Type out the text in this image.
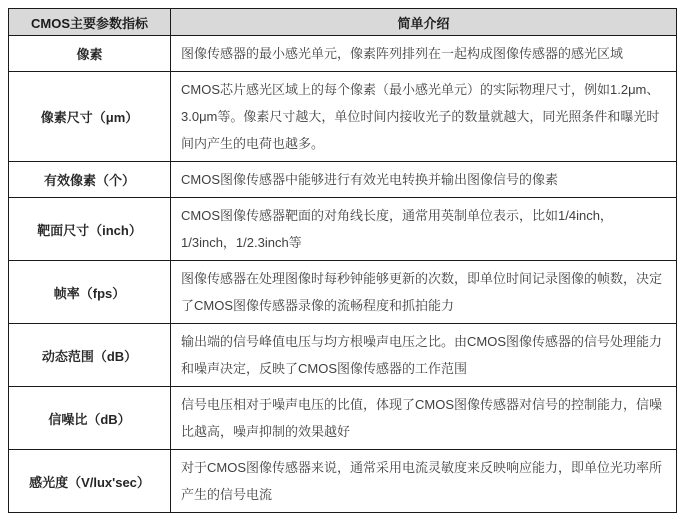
CMOS主要参数指标	简单介绍
像素	图像传感器的最小感光单元，像素阵列排列在一起构成图像传感器的感光区域
像素尺寸（μm）	CMOS芯片感光区域上的每个像素（最小感光单元）的实际物理尺寸，例如1.2μm、3.0μm等。像素尺寸越大，单位时间内接收光子的数量就越大，同光照条件和曝光时间内产生的电荷也越多。
有效像素（个）	CMOS图像传感器中能够进行有效光电转换并输出图像信号的像素
靶面尺寸（inch）	CMOS图像传感器靶面的对角线长度，通常用英制单位表示，比如1/4inch，1/3inch，1/2.3inch等
帧率（fps）	图像传感器在处理图像时每秒钟能够更新的次数，即单位时间记录图像的帧数，决定了CMOS图像传感器录像的流畅程度和抓拍能力
动态范围（dB）	输出端的信号峰值电压与均方根噪声电压之比。由CMOS图像传感器的信号处理能力和噪声决定，反映了CMOS图像传感器的工作范围
信噪比（dB）	信号电压相对于噪声电压的比值，体现了CMOS图像传感器对信号的控制能力，信噪比越高，噪声抑制的效果越好
感光度（V/lux'sec）	对于CMOS图像传感器来说，通常采用电流灵敏度来反映响应能力，即单位光功率所产生的信号电流
